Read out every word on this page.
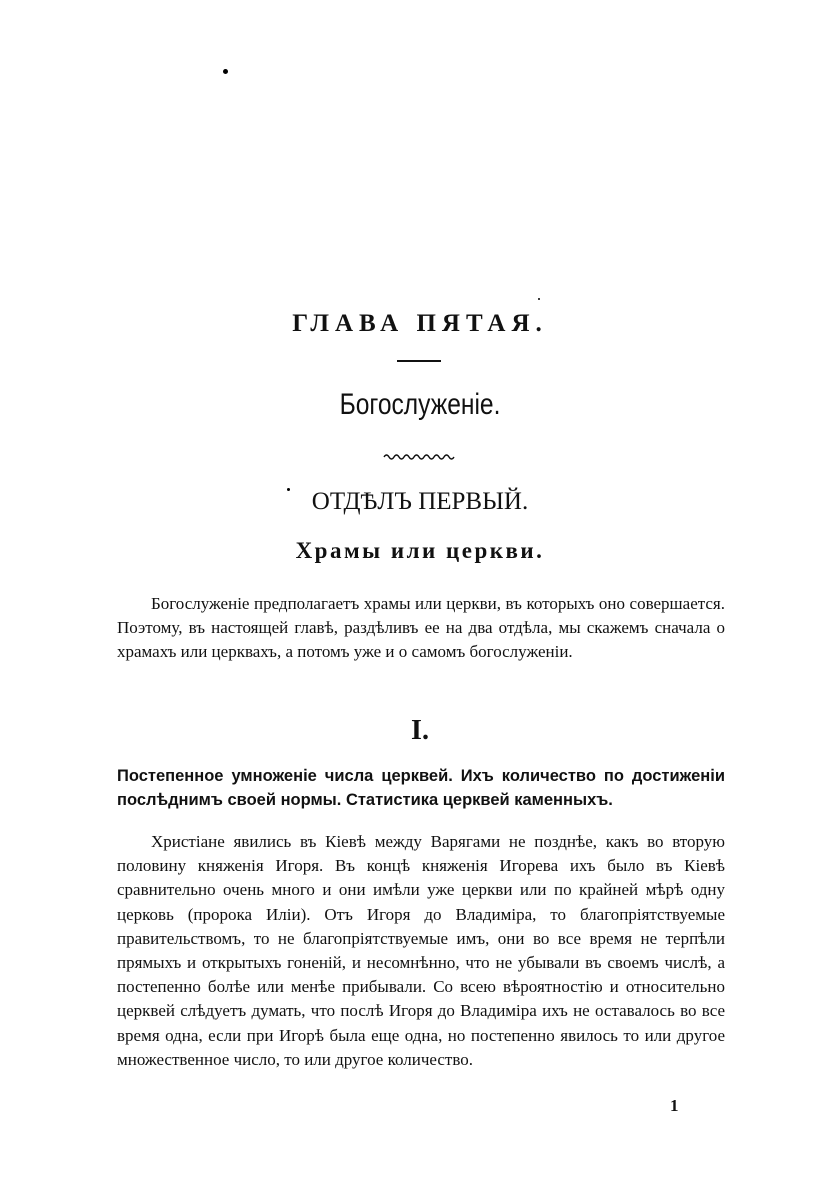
ГЛАВА ПЯТАЯ.
Богослуженіе.
ОТДѢЛЪ ПЕРВЫЙ.
Храмы или церкви.
Богослуженіе предполагаетъ храмы или церкви, въ которыхъ оно совершается. Поэтому, въ настоящей главѣ, раздѣливъ ее на два отдѣла, мы скажемъ сначала о храмахъ или церквахъ, а потомъ уже и о самомъ богослуженіи.
I.
Постепенное умноженіе числа церквей. Ихъ количество по достиженіи послѣднимъ своей нормы. Статистика церквей каменныхъ.
Христіане явились въ Кіевѣ между Варягами не позднѣе, какъ во вторую половину княженія Игоря. Въ концѣ княженія Игорева ихъ было въ Кіевѣ сравнительно очень много и они имѣли уже церкви или по крайней мѣрѣ одну церковь (пророка Иліи). Отъ Игоря до Владиміра, то благопріятствуемые правительствомъ, то не благопріятствуемые имъ, они во все время не терпѣли прямыхъ и открытыхъ гоненій, и несомнѣнно, что не убывали въ своемъ числѣ, а постепенно болѣе или менѣе прибывали. Со всею вѣроятностію и относительно церквей слѣдуетъ думать, что послѣ Игоря до Владиміра ихъ не оставалось во все время одна, если при Игорѣ была еще одна, но постепенно явилось то или другое множественное число, то или другое количество.
1
